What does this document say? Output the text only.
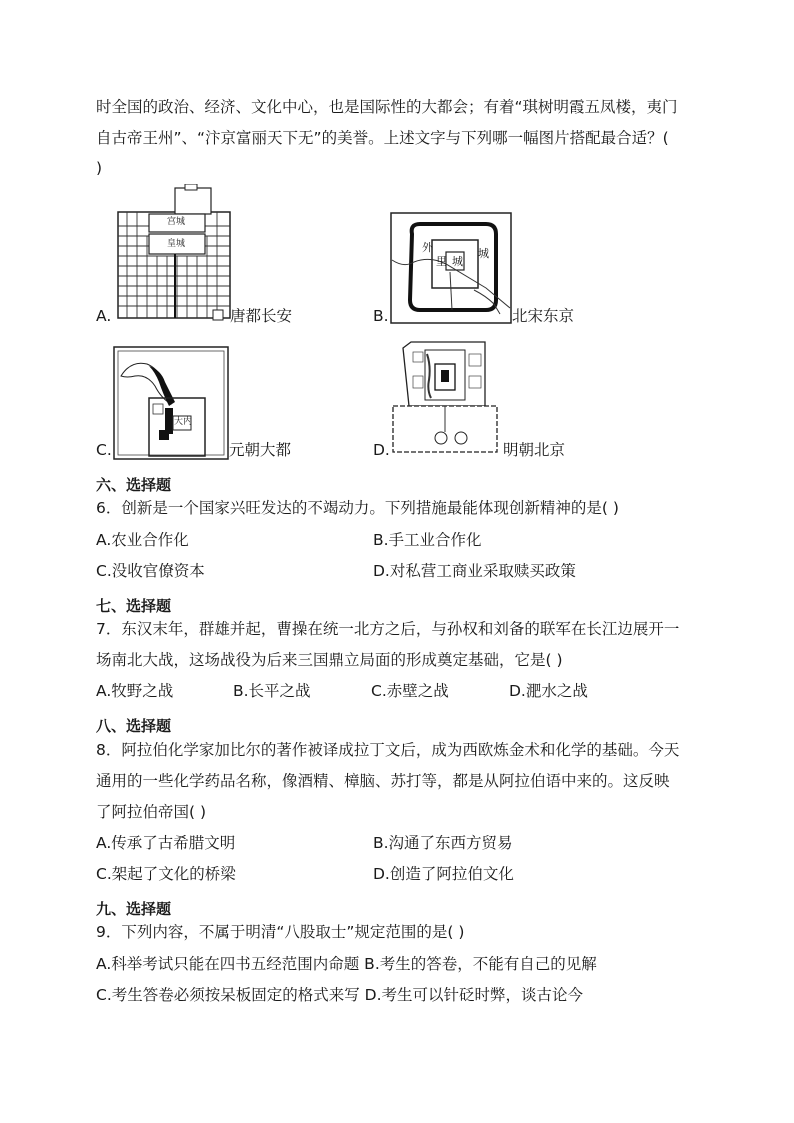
时全国的政治、经济、文化中心，也是国际性的大都会；有着“琪树明霞五凤楼，夷门
自古帝王州”、“汴京富丽天下无”的美誉。上述文字与下列哪一幅图片搭配最合适？(
)
宫城
皇城
A.	唐都长安
外
里 城
城
B.	北宋东京
大内
C.	元朝大都	D.	明朝北京
六、选择题
6．创新是一个国家兴旺发达的不竭动力。下列措施最能体现创新精神的是( )
A.农业合作化	B.手工业合作化
C.没收官僚资本	D.对私营工商业采取赎买政策
七、选择题
7．东汉末年，群雄并起，曹操在统一北方之后，与孙权和刘备的联军在长江边展开一
场南北大战，这场战役为后来三国鼎立局面的形成奠定基础，它是( )
A.牧野之战	B.长平之战	C.赤壁之战	D.淝水之战
八、选择题
8．阿拉伯化学家加比尔的著作被译成拉丁文后，成为西欧炼金术和化学的基础。今天
通用的一些化学药品名称，像酒精、樟脑、苏打等，都是从阿拉伯语中来的。这反映
了阿拉伯帝国( )
A.传承了古希腊文明	B.沟通了东西方贸易
C.架起了文化的桥梁	D.创造了阿拉伯文化
九、选择题
9．下列内容，不属于明清“八股取士”规定范围的是( )
A.科举考试只能在四书五经范围内命题 B.考生的答卷，不能有自己的见解
C.考生答卷必须按呆板固定的格式来写 D.考生可以针砭时弊，谈古论今
